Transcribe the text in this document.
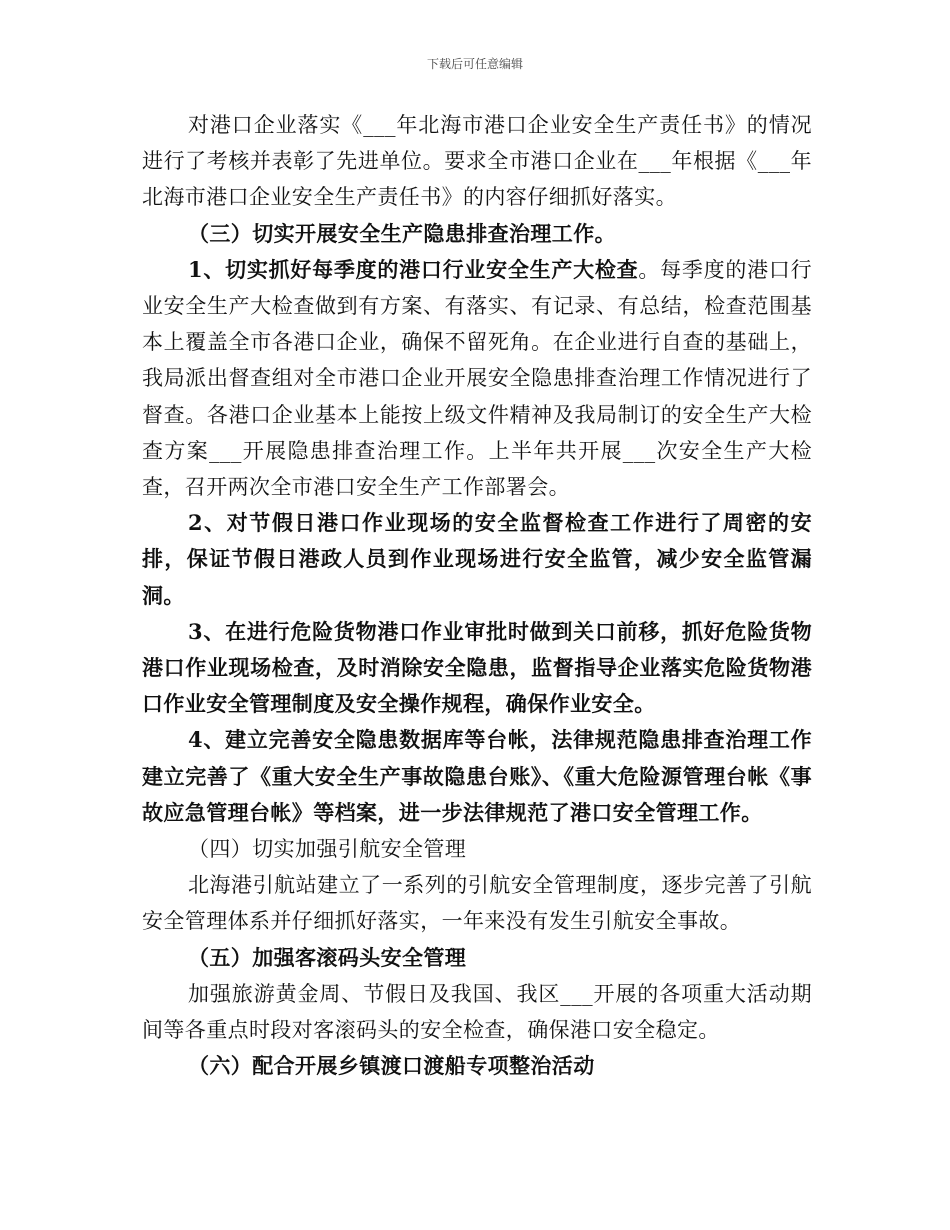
下载后可任意编辑

对港口企业落实《___年北海市港口企业安全生产责任书》的情况进行了考核并表彰了先进单位。要求全市港口企业在___年根据《___年北海市港口企业安全生产责任书》的内容仔细抓好落实。

（三）切实开展安全生产隐患排查治理工作。

1、切实抓好每季度的港口行业安全生产大检查。每季度的港口行业安全生产大检查做到有方案、有落实、有记录、有总结，检查范围基本上覆盖全市各港口企业，确保不留死角。在企业进行自查的基础上，我局派出督查组对全市港口企业开展安全隐患排查治理工作情况进行了督查。各港口企业基本上能按上级文件精神及我局制订的安全生产大检查方案___开展隐患排查治理工作。上半年共开展___次安全生产大检查，召开两次全市港口安全生产工作部署会。

2、对节假日港口作业现场的安全监督检查工作进行了周密的安排，保证节假日港政人员到作业现场进行安全监管，减少安全监管漏洞。

3、在进行危险货物港口作业审批时做到关口前移，抓好危险货物港口作业现场检查，及时消除安全隐患，监督指导企业落实危险货物港口作业安全管理制度及安全操作规程，确保作业安全。

4、建立完善安全隐患数据库等台帐，法律规范隐患排查治理工作建立完善了《重大安全生产事故隐患台账》、《重大危险源管理台帐《事故应急管理台帐》等档案，进一步法律规范了港口安全管理工作。

（四）切实加强引航安全管理

北海港引航站建立了一系列的引航安全管理制度，逐步完善了引航安全管理体系并仔细抓好落实，一年来没有发生引航安全事故。

（五）加强客滚码头安全管理

加强旅游黄金周、节假日及我国、我区___开展的各项重大活动期间等各重点时段对客滚码头的安全检查，确保港口安全稳定。

（六）配合开展乡镇渡口渡船专项整治活动
